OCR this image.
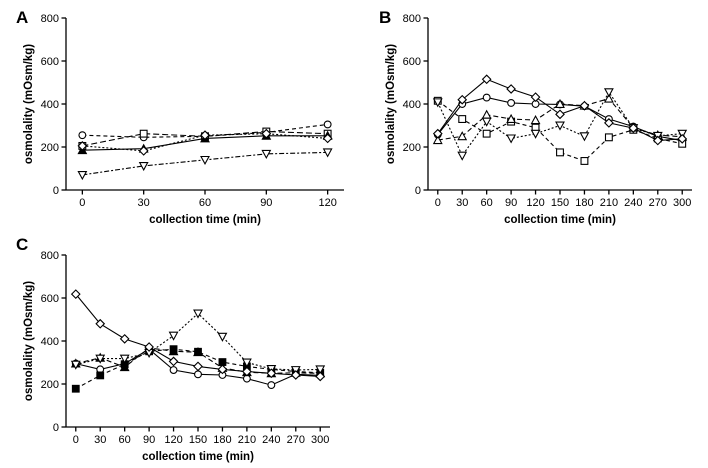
A	B
C
0
200
400
600
800
0	30	60	90	120
collection time (min)
osmolality (mOsm/kg)
0
200
400
600
800
0 30 60 90 120 150 180 210 240 270 300
collection time (min)
osmolality (mOsm/kg)
0
200
400
600
800
0 30 60 90 120 150 180 210 240 270 300
collection time (min)
osmolality (mOsm/kg)
